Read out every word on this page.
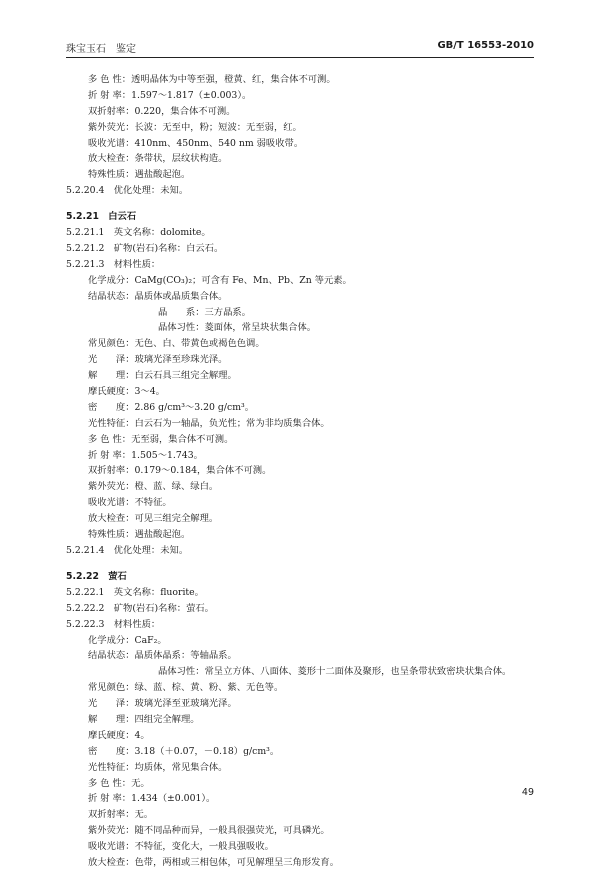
珠宝玉石　鉴定	GB/T 16553-2010
多 色 性：透明晶体为中等至强，橙黄、红，集合体不可测。
折 射 率：1.597～1.817（±0.003）。
双折射率：0.220，集合体不可测。
紫外荧光：长波：无至中，粉；短波：无至弱，红。
吸收光谱：410nm、450nm、540 nm 弱吸收带。
放大检查：条带状，层纹状构造。
特殊性质：遇盐酸起泡。
5.2.20.4　优化处理：未知。
5.2.21　白云石
5.2.21.1　英文名称：dolomite。
5.2.21.2　矿物(岩石)名称：白云石。
5.2.21.3　材料性质：
化学成分：CaMg(CO₃)₂；可含有 Fe、Mn、Pb、Zn 等元素。
结晶状态：晶质体或晶质集合体。
晶　　系：三方晶系。
晶体习性：菱面体，常呈块状集合体。
常见颜色：无色、白、带黄色或褐色色调。
光　　泽：玻璃光泽至珍珠光泽。
解　　理：白云石具三组完全解理。
摩氏硬度：3～4。
密　　度：2.86 g/cm³～3.20 g/cm³。
光性特征：白云石为一轴晶，负光性；常为非均质集合体。
多 色 性：无至弱，集合体不可测。
折 射 率：1.505～1.743。
双折射率：0.179～0.184，集合体不可测。
紫外荧光：橙、蓝、绿、绿白。
吸收光谱：不特征。
放大检查：可见三组完全解理。
特殊性质：遇盐酸起泡。
5.2.21.4　优化处理：未知。
5.2.22　萤石
5.2.22.1　英文名称：fluorite。
5.2.22.2　矿物(岩石)名称：萤石。
5.2.22.3　材料性质：
化学成分：CaF₂。
结晶状态：晶质体晶系：等轴晶系。
晶体习性：常呈立方体、八面体、菱形十二面体及聚形，也呈条带状致密块状集合体。
常见颜色：绿、蓝、棕、黄、粉、紫、无色等。
光　　泽：玻璃光泽至亚玻璃光泽。
解　　理：四组完全解理。
摩氏硬度：4。
密　　度：3.18（＋0.07，－0.18）g/cm³。
光性特征：均质体，常见集合体。
多 色 性：无。
折 射 率：1.434（±0.001）。
双折射率：无。
紫外荧光：随不同品种而异，一般具很强荧光，可具磷光。
吸收光谱：不特征，变化大，一般具强吸收。
放大检查：色带，两相或三相包体，可见解理呈三角形发育。
49
